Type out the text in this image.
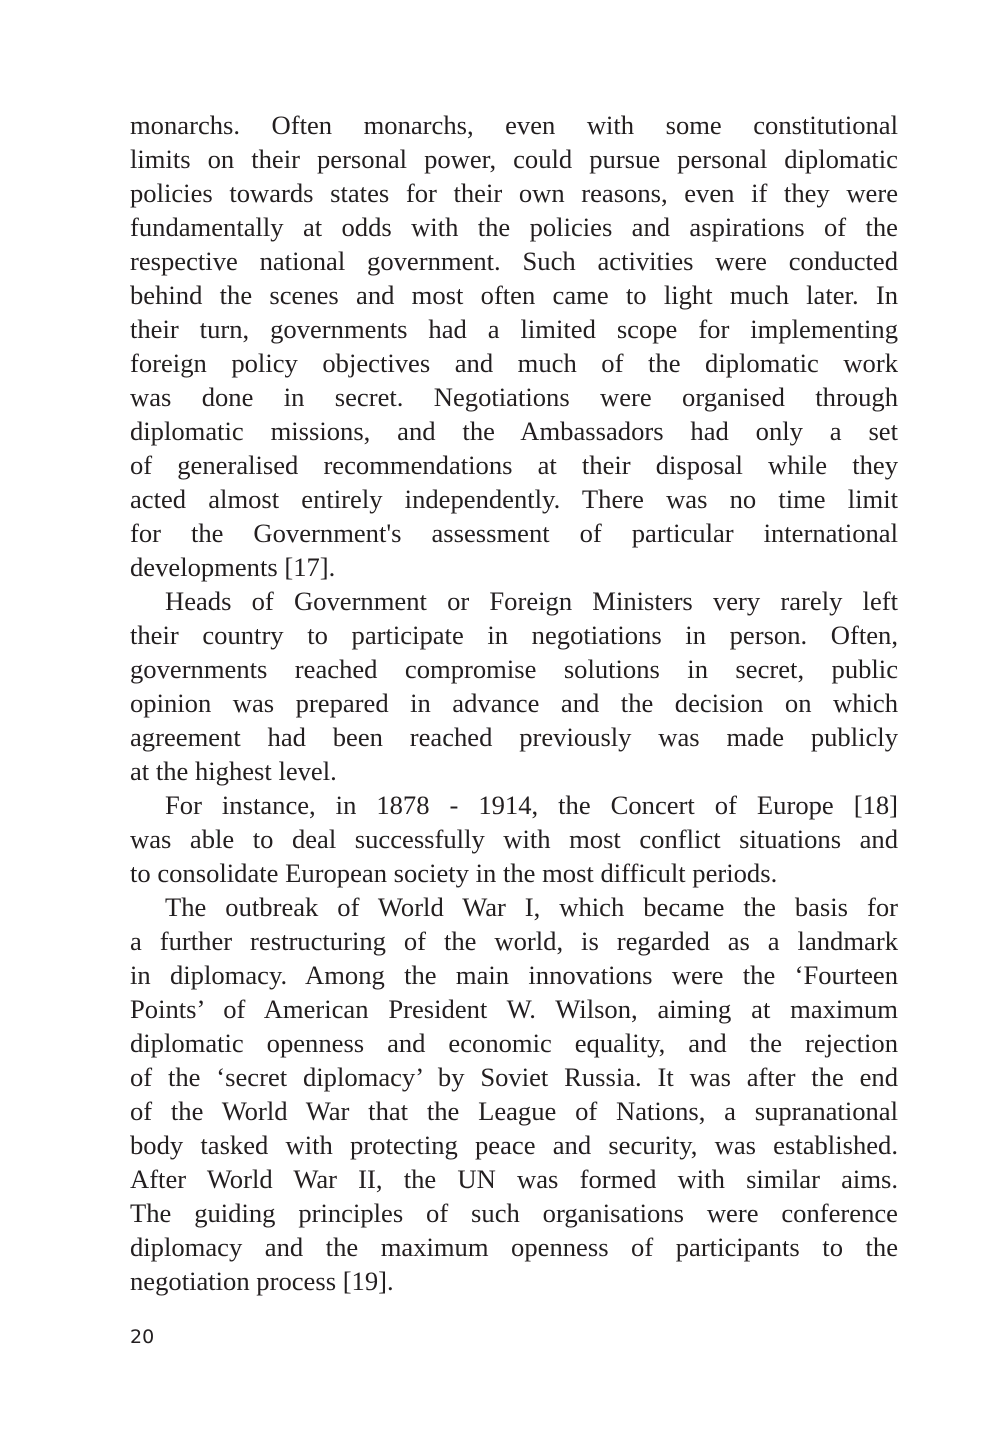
monarchs. Often monarchs, even with some constitutional
limits on their personal power, could pursue personal diplomatic
policies towards states for their own reasons, even if they were
fundamentally at odds with the policies and aspirations of the
respective national government. Such activities were conducted
behind the scenes and most often came to light much later. In
their turn, governments had a limited scope for implementing
foreign policy objectives and much of the diplomatic work
was done in secret. Negotiations were organised through
diplomatic missions, and the Ambassadors had only a set
of generalised recommendations at their disposal while they
acted almost entirely independently. There was no time limit
for the Government's assessment of particular international
developments [17].
Heads of Government or Foreign Ministers very rarely left
their country to participate in negotiations in person. Often,
governments reached compromise solutions in secret, public
opinion was prepared in advance and the decision on which
agreement had been reached previously was made publicly
at the highest level.
For instance, in 1878 - 1914, the Concert of Europe [18]
was able to deal successfully with most conflict situations and
to consolidate European society in the most difficult periods.
The outbreak of World War I, which became the basis for
a further restructuring of the world, is regarded as a landmark
in diplomacy. Among the main innovations were the ‘Fourteen
Points’ of American President W. Wilson, aiming at maximum
diplomatic openness and economic equality, and the rejection
of the ‘secret diplomacy’ by Soviet Russia. It was after the end
of the World War that the League of Nations, a supranational
body tasked with protecting peace and security, was established.
After World War II, the UN was formed with similar aims.
The guiding principles of such organisations were conference
diplomacy and the maximum openness of participants to the
negotiation process [19].
20
